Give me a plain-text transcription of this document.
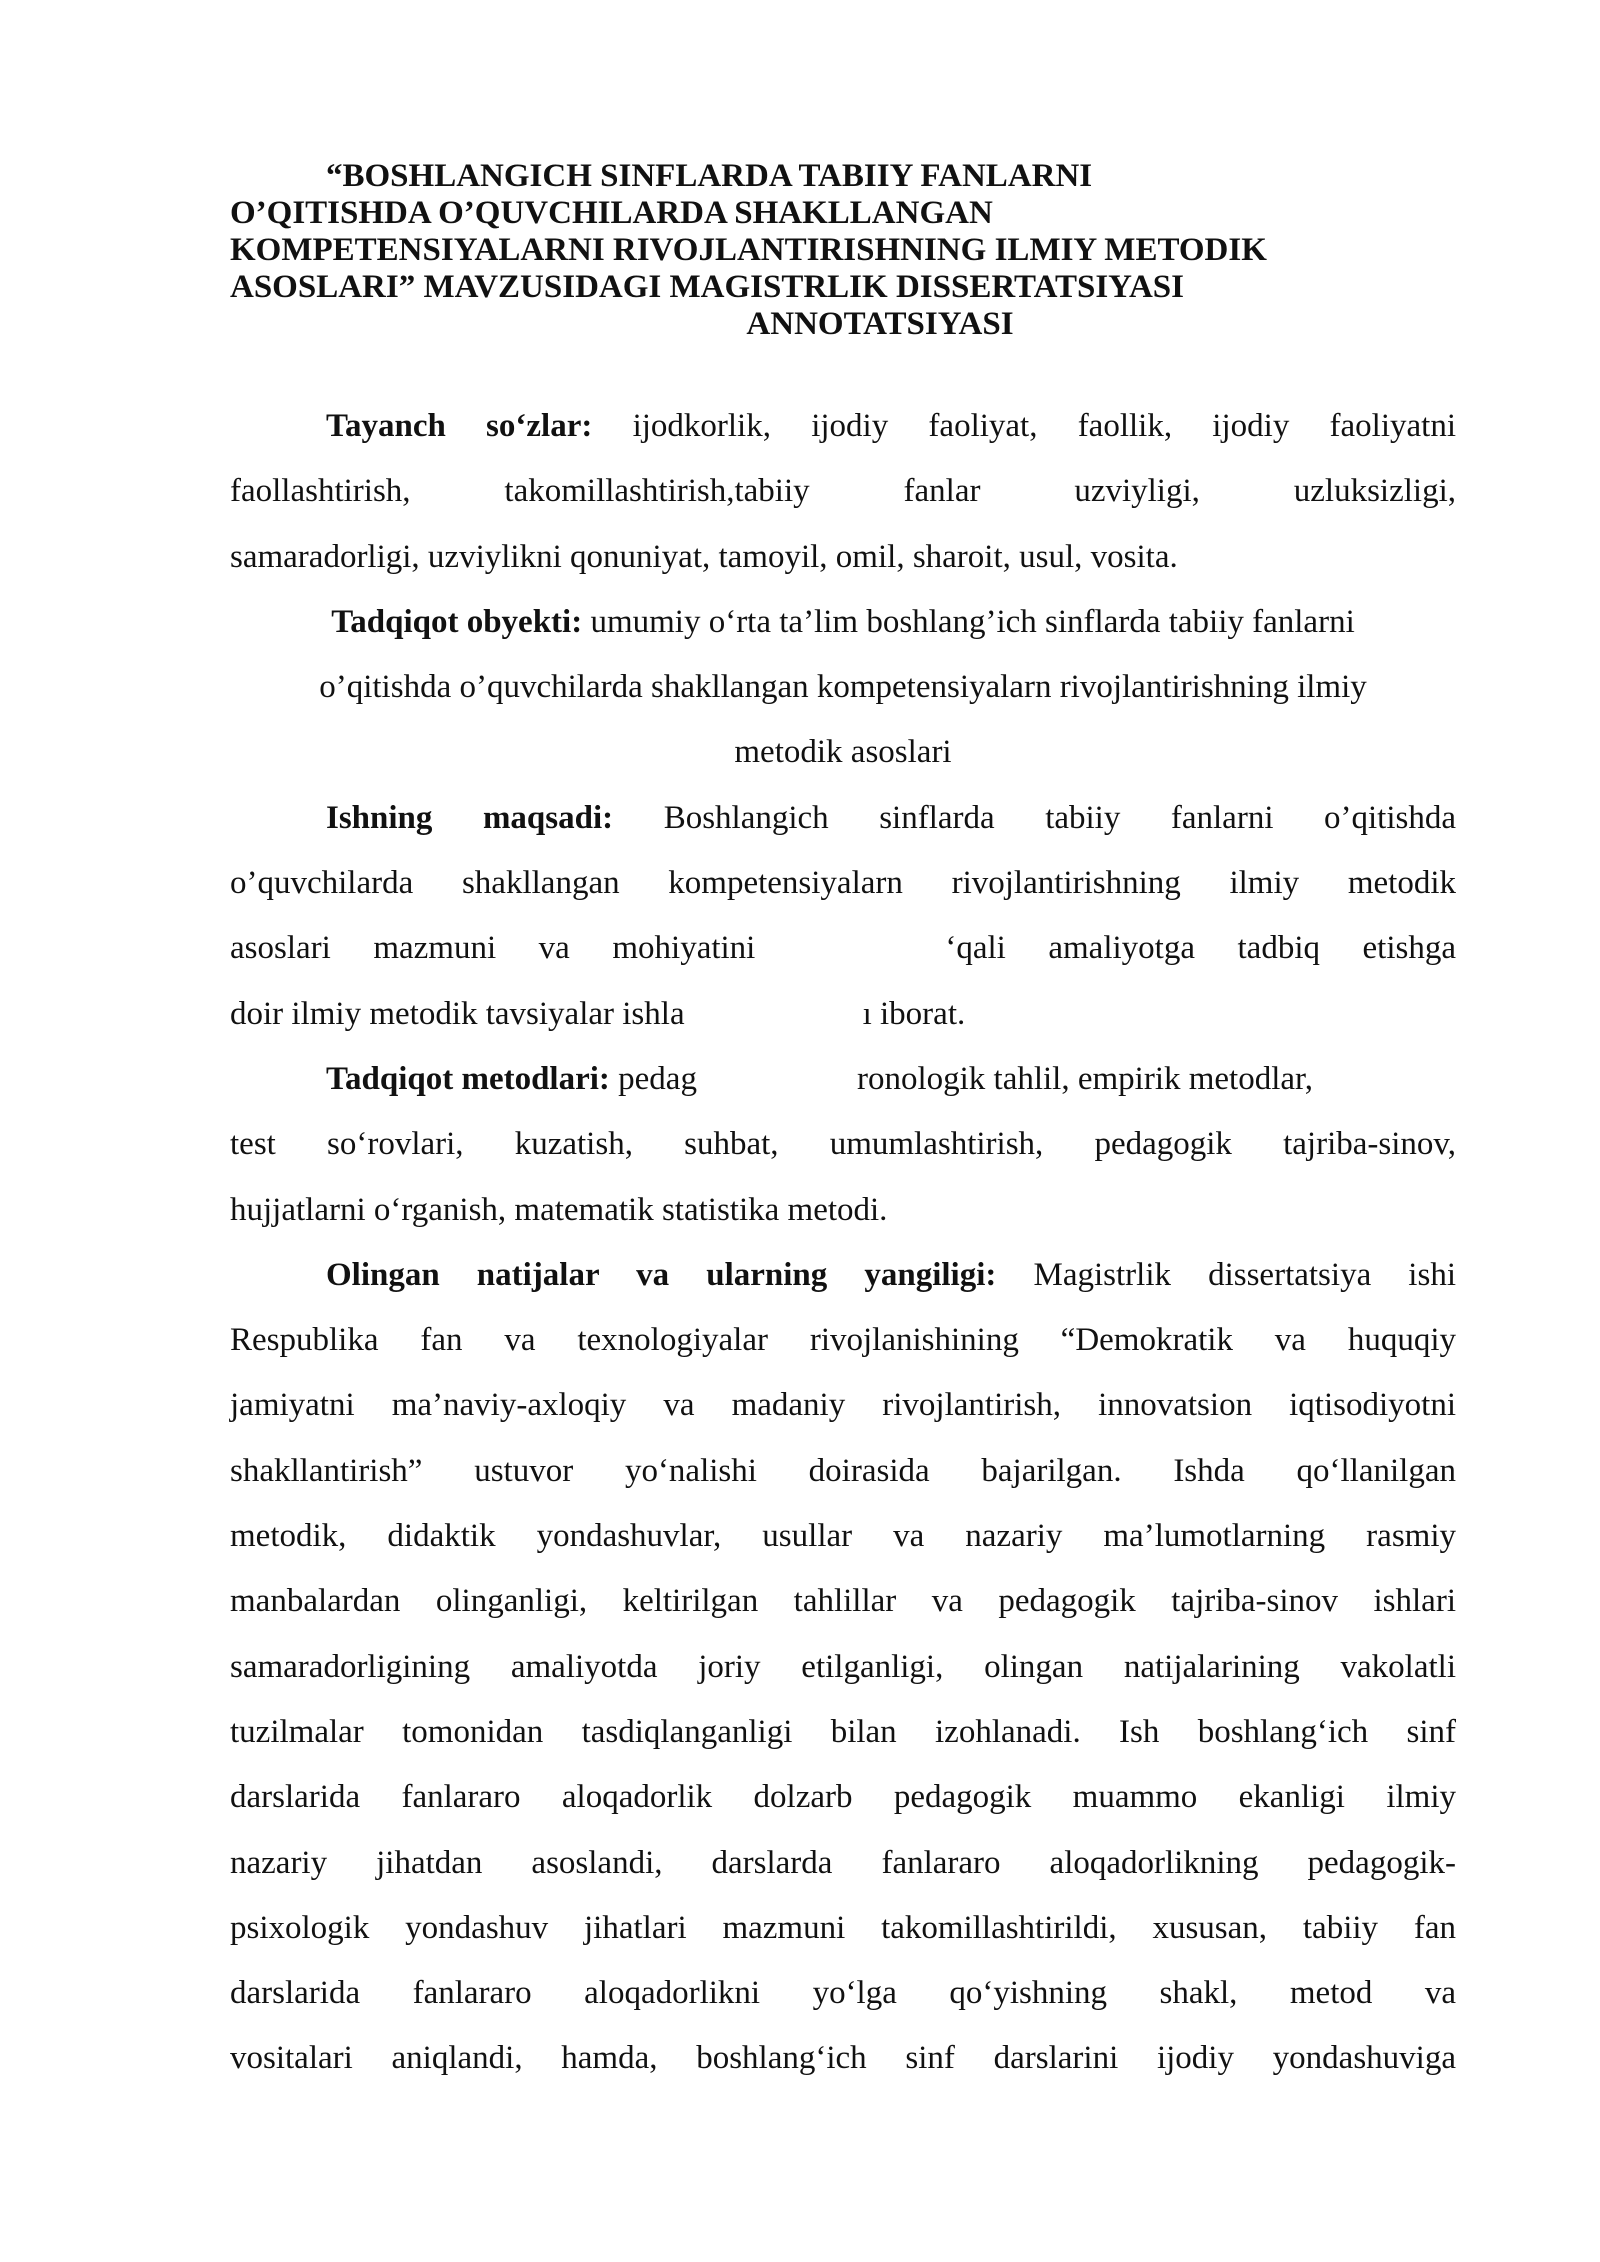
“BOSHLANGICH SINFLARDA TABIIY FANLARNI
O’QITISHDA O’QUVCHILARDA SHAKLLANGAN
KOMPETENSIYALARNI RIVOJLANTIRISHNING ILMIY METODIK
ASOSLARI” MAVZUSIDAGI MAGISTRLIK DISSERTATSIYASI
ANNOTATSIYASI
Tayanch so‘zlar: ijodkorlik, ijodiy faoliyat, faollik, ijodiy faoliyatni
faollashtirish, takomillashtirish,tabiiy fanlar uzviyligi, uzluksizligi,
samaradorligi, uzviylikni qonuniyat, tamoyil, omil, sharoit, usul, vosita.
Tadqiqot obyekti: umumiy o‘rta ta’lim boshlang’ich sinflarda tabiiy fanlarni
o’qitishda o’quvchilarda shakllangan kompetensiyalarn rivojlantirishning ilmiy
metodik asoslari
Ishning maqsadi: Boshlangich sinflarda tabiiy fanlarni o’qitishda
o’quvchilarda shakllangan kompetensiyalarn rivojlantirishning ilmiy metodik
asoslari mazmuni va mohiyatini	‘qali amaliyotga tadbiq etishga
doir ilmiy metodik tavsiyalar ishla	ı iborat.
Tadqiqot metodlari: pedag	ronologik tahlil, empirik metodlar,
test so‘rovlari, kuzatish, suhbat, umumlashtirish, pedagogik tajriba-sinov,
hujjatlarni o‘rganish, matematik statistika metodi.
Olingan natijalar va ularning yangiligi: Magistrlik dissertatsiya ishi
Respublika fan va texnologiyalar rivojlanishining “Demokratik va huquqiy
jamiyatni ma’naviy-axloqiy va madaniy rivojlantirish, innovatsion iqtisodiyotni
shakllantirish” ustuvor yo‘nalishi doirasida bajarilgan. Ishda qo‘llanilgan
metodik, didaktik yondashuvlar, usullar va nazariy ma’lumotlarning rasmiy
manbalardan olinganligi, keltirilgan tahlillar va pedagogik tajriba-sinov ishlari
samaradorligining amaliyotda joriy etilganligi, olingan natijalarining vakolatli
tuzilmalar tomonidan tasdiqlanganligi bilan izohlanadi. Ish boshlang‘ich sinf
darslarida fanlararo aloqadorlik dolzarb pedagogik muammo ekanligi ilmiy
nazariy jihatdan asoslandi, darslarda fanlararo aloqadorlikning pedagogik-
psixologik yondashuv jihatlari mazmuni takomillashtirildi, xususan, tabiiy fan
darslarida fanlararo aloqadorlikni yo‘lga qo‘yishning shakl, metod va
vositalari aniqlandi, hamda, boshlang‘ich sinf darslarini ijodiy yondashuviga
